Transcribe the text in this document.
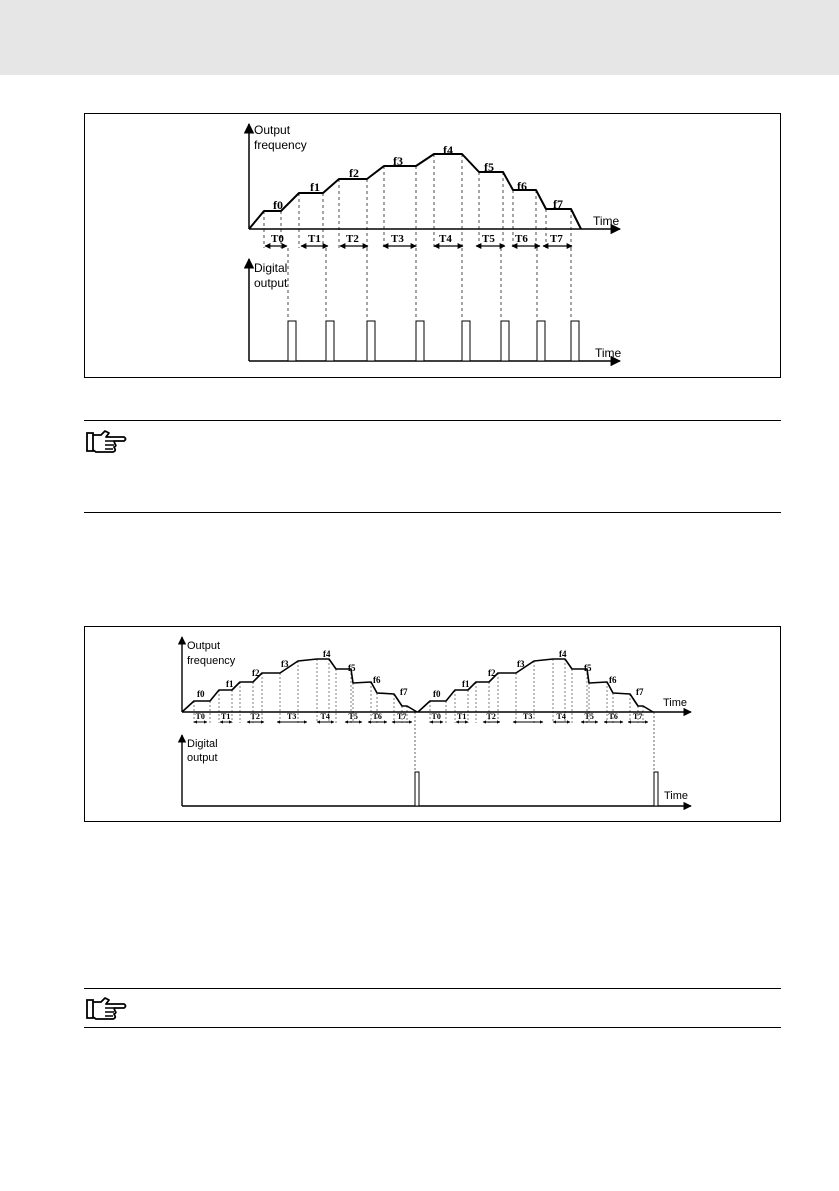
Output
frequency
Time
Digital
output
Time
f0
f1
f2
f3
f4
f5
f6
f7
T0 T1 T2	T3	T4	T5 T6 T7
Output
frequency
Time
Digital
output
Time
f0
f1
f2
f3
f4
f5
f6
f7
T0 T1	T2	T3	T4 T5 T6 T7
f0
f1
f2
f3
f4
f5
f6
f7
T0 T1	T2	T3	T4 T5 T6 T7
